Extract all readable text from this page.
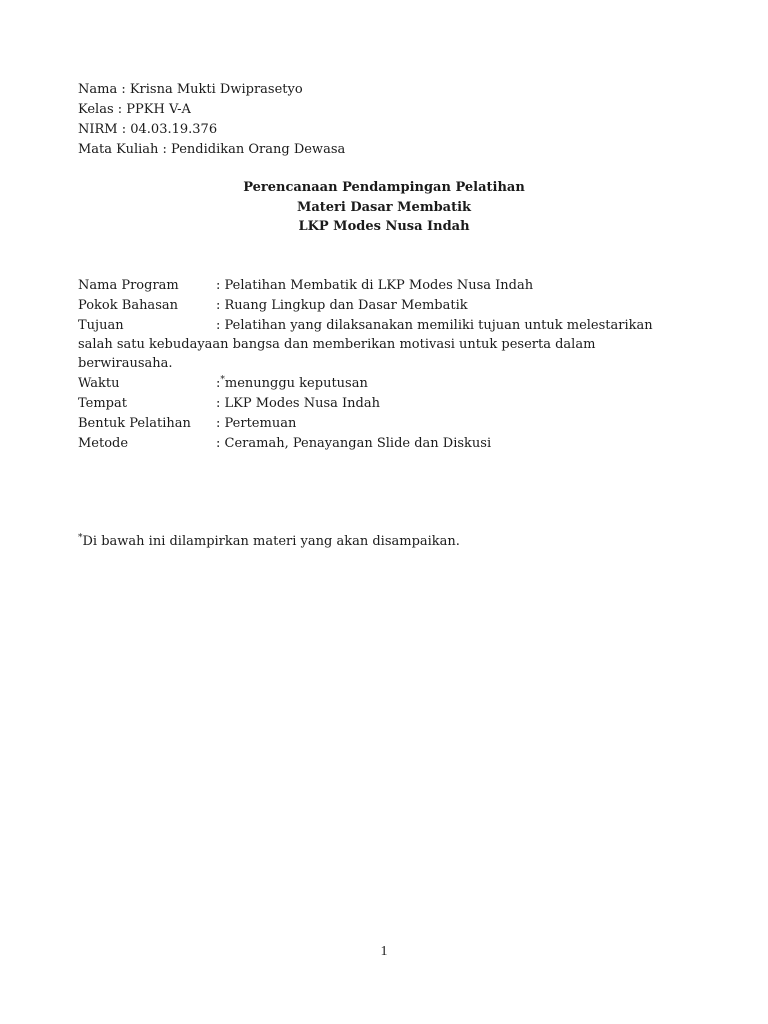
Nama : Krisna Mukti Dwiprasetyo
Kelas : PPKH V-A
NIRM : 04.03.19.376
Mata Kuliah : Pendidikan Orang Dewasa
Perencanaan Pendampingan Pelatihan
Materi Dasar Membatik
LKP Modes Nusa Indah
Nama Program	: Pelatihan Membatik di LKP Modes Nusa Indah
Pokok Bahasan	: Ruang Lingkup dan Dasar Membatik
Tujuan	: Pelatihan yang dilaksanakan memiliki tujuan untuk melestarikan
salah satu kebudayaan bangsa dan memberikan motivasi untuk peserta dalam
berwirausaha.
Waktu	:*menunggu keputusan
Tempat	: LKP Modes Nusa Indah
Bentuk Pelatihan : Pertemuan
Metode	: Ceramah, Penayangan Slide dan Diskusi
*Di bawah ini dilampirkan materi yang akan disampaikan.
1
